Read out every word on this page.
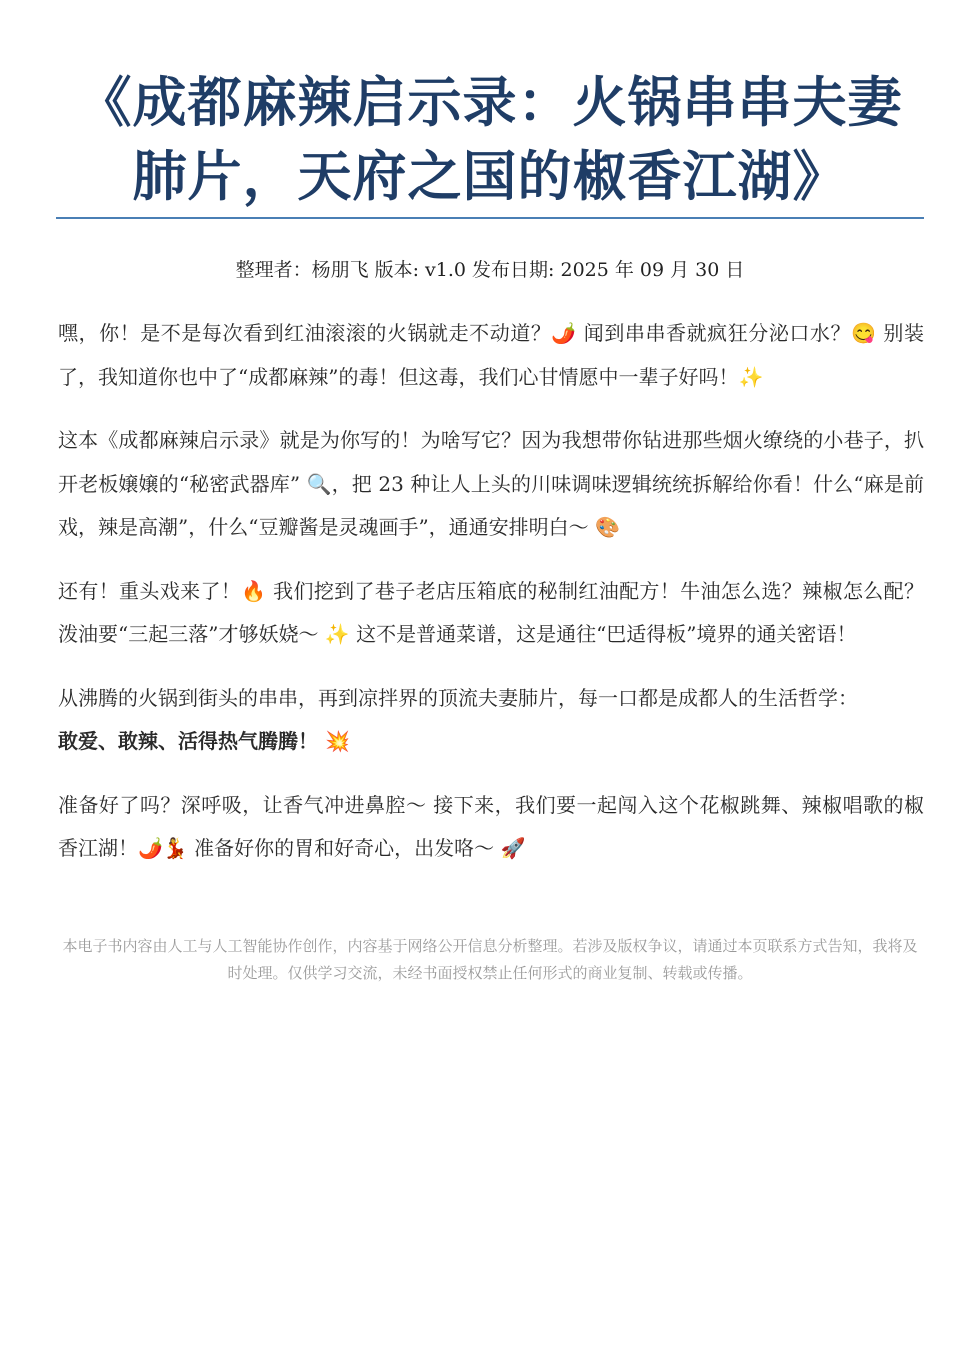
《成都麻辣启示录：火锅串串夫妻肺片，天府之国的椒香江湖》
整理者：杨朋飞 版本: v1.0 发布日期: 2025 年 09 月 30 日

嘿，你！是不是每次看到红油滚滚的火锅就走不动道？🌶️ 闻到串串香就疯狂分泌口水？😋 别装了，我知道你也中了“成都麻辣”的毒！但这毒，我们心甘情愿中一辈子好吗！✨

这本《成都麻辣启示录》就是为你写的！为啥写它？因为我想带你钻进那些烟火缭绕的小巷子，扒开老板嬢嬢的“秘密武器库” 🔍，把 23 种让人上头的川味调味逻辑统统拆解给你看！什么“麻是前戏，辣是高潮”，什么“豆瓣酱是灵魂画手”，通通安排明白～ 🎨

还有！重头戏来了！🔥 我们挖到了巷子老店压箱底的秘制红油配方！牛油怎么选？辣椒怎么配？泼油要“三起三落”才够妖娆～ ✨ 这不是普通菜谱，这是通往“巴适得板”境界的通关密语！

从沸腾的火锅到街头的串串，再到凉拌界的顶流夫妻肺片，每一口都是成都人的生活哲学：
敢爱、敢辣、活得热气腾腾！ 💥

准备好了吗？深呼吸，让香气冲进鼻腔～ 接下来，我们要一起闯入这个花椒跳舞、辣椒唱歌的椒香江湖！🌶️💃 准备好你的胃和好奇心，出发咯～ 🚀

本电子书内容由人工与人工智能协作创作，内容基于网络公开信息分析整理。若涉及版权争议，请通过本页联系方式告知，我将及时处理。仅供学习交流，未经书面授权禁止任何形式的商业复制、转载或传播。
